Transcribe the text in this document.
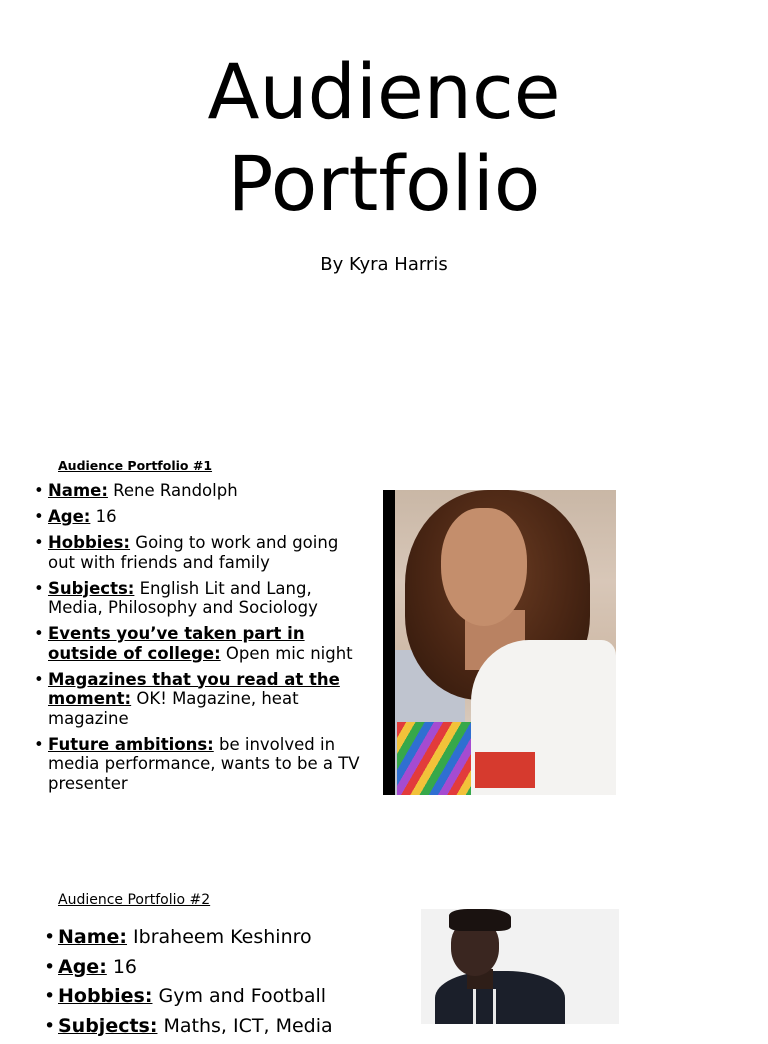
Audience
Portfolio
By Kyra Harris
Audience Portfolio #1
• Name: Rene Randolph
• Age: 16
• Hobbies: Going to work and going out with friends and family
• Subjects: English Lit and Lang, Media, Philosophy and Sociology
• Events you’ve taken part in outside of college: Open mic night
• Magazines that you read at the moment: OK! Magazine, heat magazine
• Future ambitions: be involved in media performance, wants to be a TV presenter
Audience Portfolio #2
• Name: Ibraheem Keshinro
• Age: 16
• Hobbies: Gym and Football
• Subjects: Maths, ICT, Media
